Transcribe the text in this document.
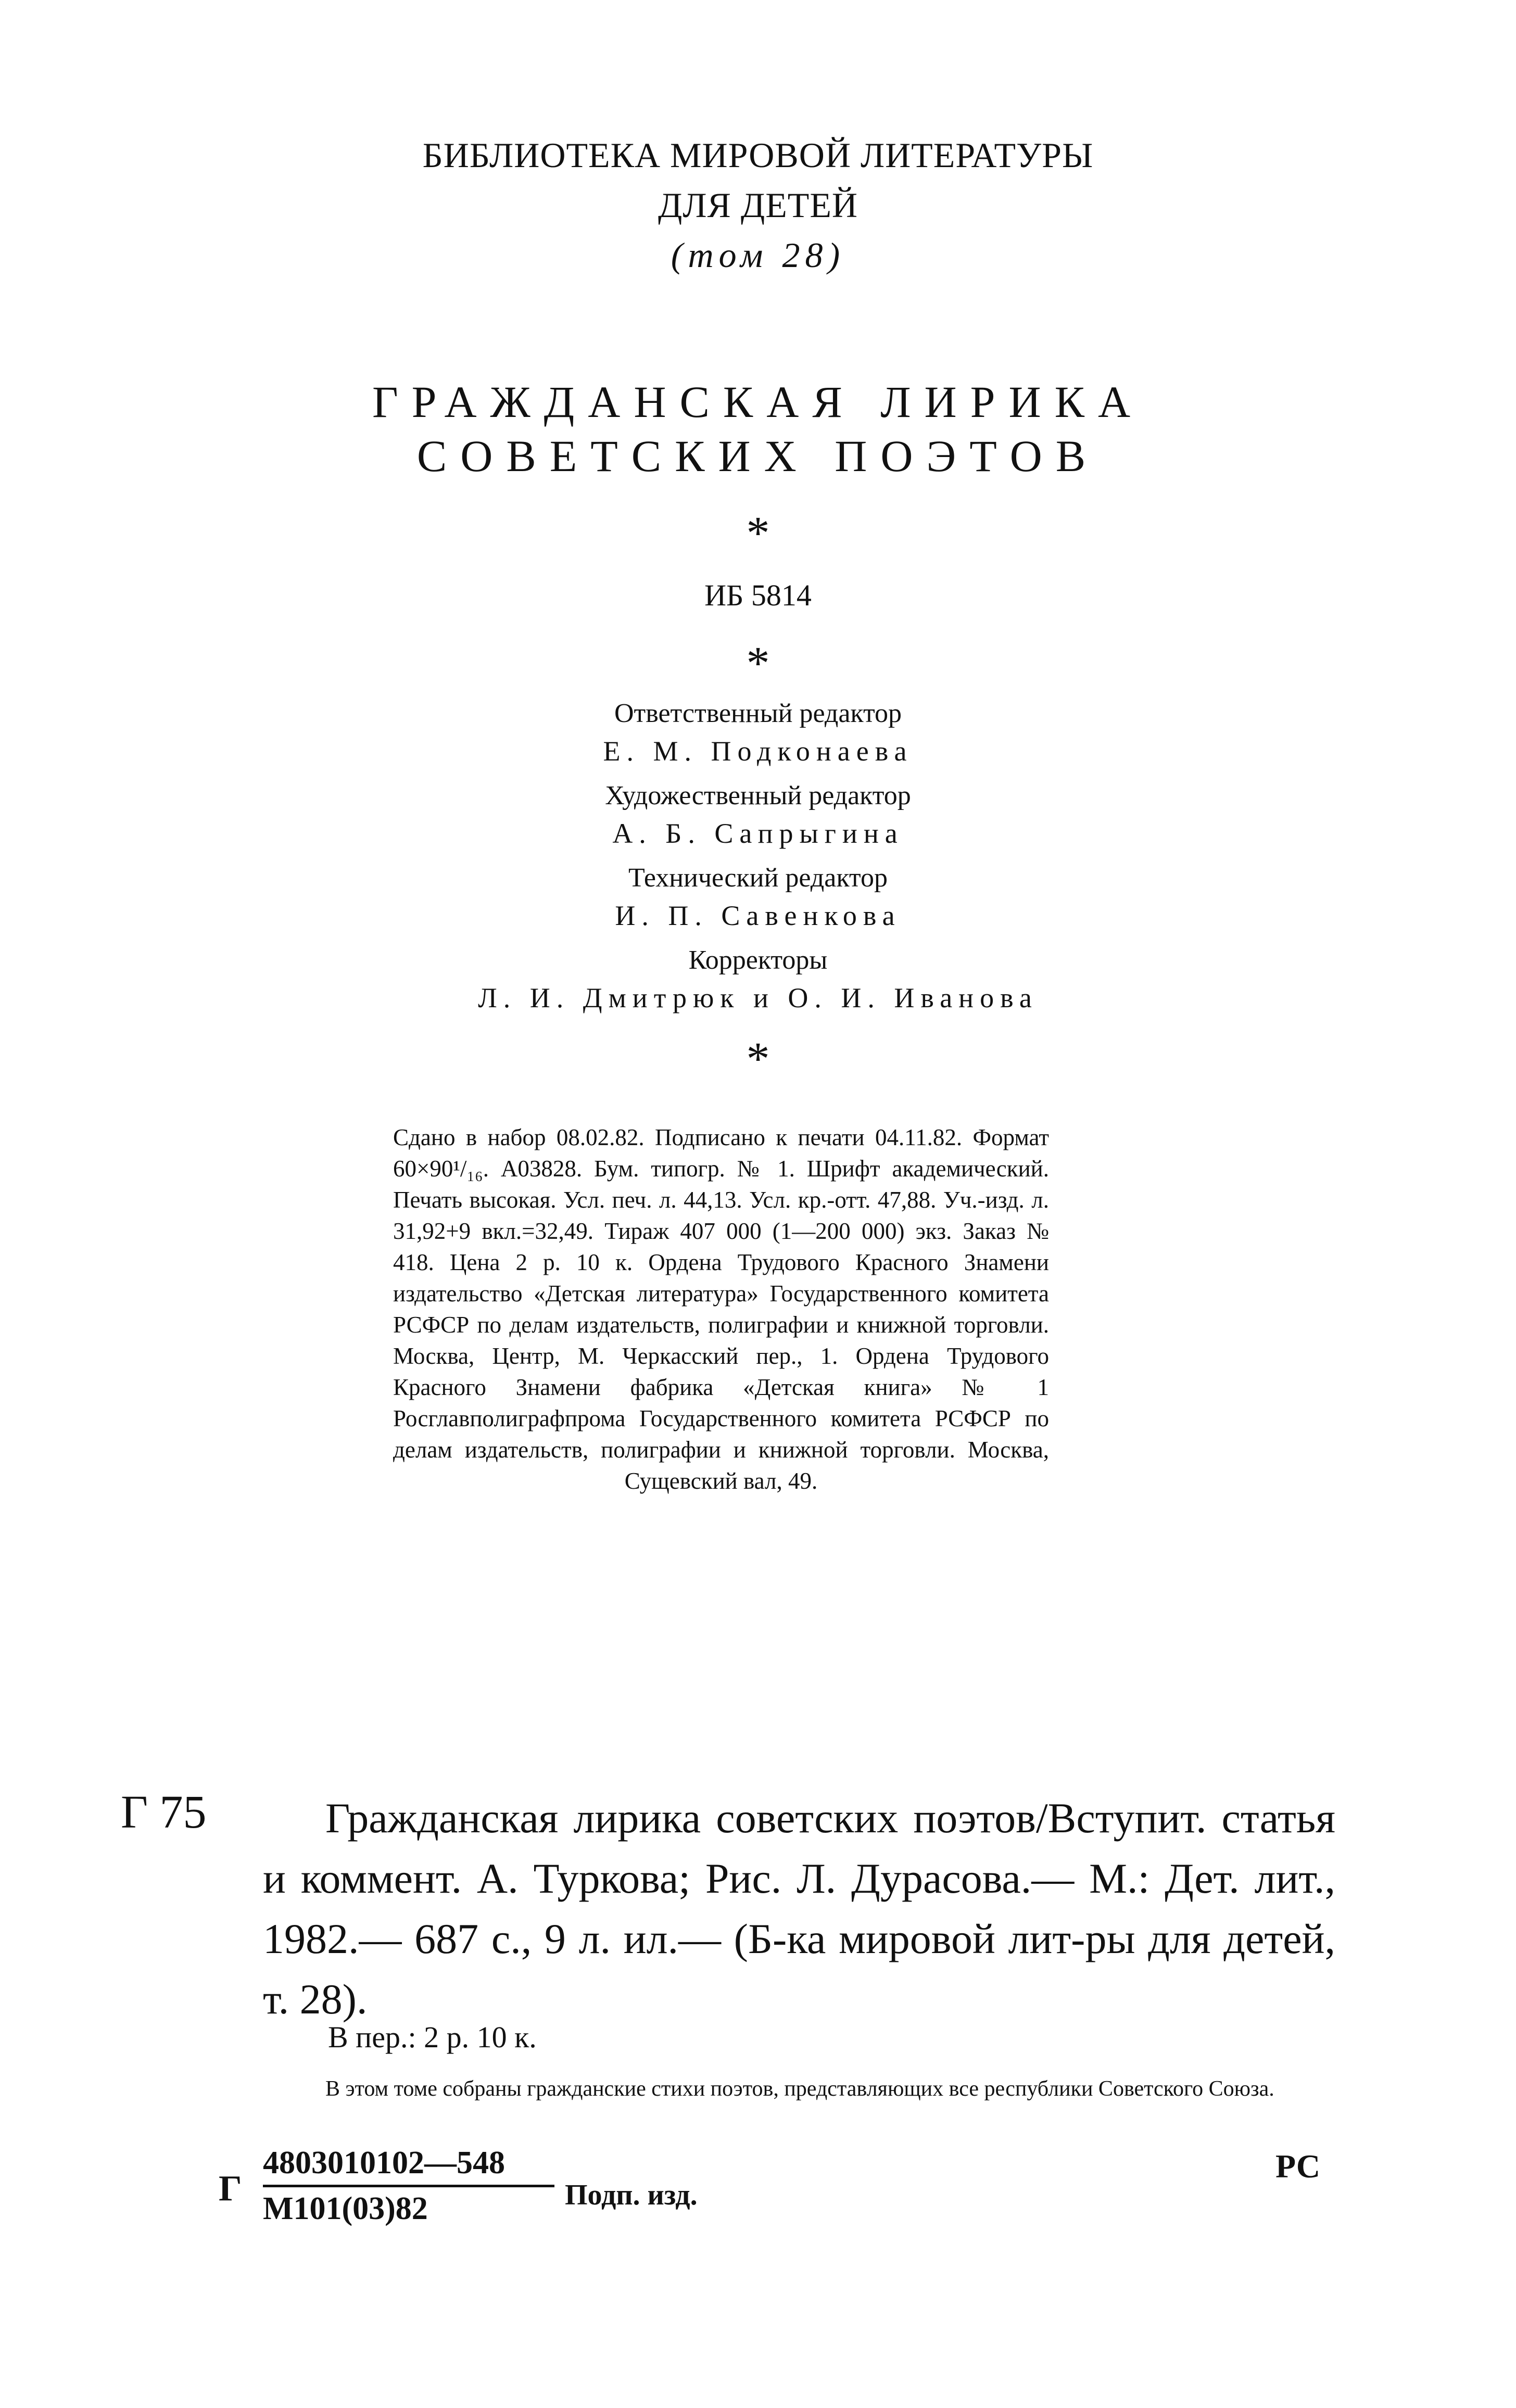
БИБЛИОТЕКА МИРОВОЙ ЛИТЕРАТУРЫ
ДЛЯ ДЕТЕЙ
(том 28)
ГРАЖДАНСКАЯ ЛИРИКА
СОВЕТСКИХ ПОЭТОВ
*
ИБ 5814
*
Ответственный редактор
Е. М. Подконаева
Художественный редактор
А. Б. Сапрыгина
Технический редактор
И. П. Савенкова
Корректоры
Л. И. Дмитрюк и О. И. Иванова
*
Сдано в набор 08.02.82. Подписано к печати 04.11.82. Формат 60×90¹/₁₆. А03828. Бум. типогр. № 1. Шрифт академический. Печать высокая. Усл. печ. л. 44,13. Усл. кр.-отт. 47,88. Уч.-изд. л. 31,92+9 вкл.=32,49. Тираж 407 000 (1—200 000) экз. Заказ № 418. Цена 2 р. 10 к. Ордена Трудового Красного Знамени издательство «Детская литература» Государственного комитета РСФСР по делам издательств, полиграфии и книжной торговли. Москва, Центр, М. Черкасский пер., 1. Ордена Трудового Красного Знамени фабрика «Детская книга» № 1 Росглавполиграфпрома Государственного комитета РСФСР по делам издательств, полиграфии и книжной торговли. Москва, Сущевский вал, 49.
Г 75	Гражданская лирика советских поэтов/Вступит. статья и коммент. А. Туркова; Рис. Л. Дурасова.— М.: Дет. лит., 1982.— 687 с., 9 л. ил.— (Б-ка мировой лит-ры для детей, т. 28).
В пер.: 2 р. 10 к.
В этом томе собраны гражданские стихи поэтов, представляющих все республики Советского Союза.
Г
4803010102—548
М101(03)82	Подп. изд.
РС
